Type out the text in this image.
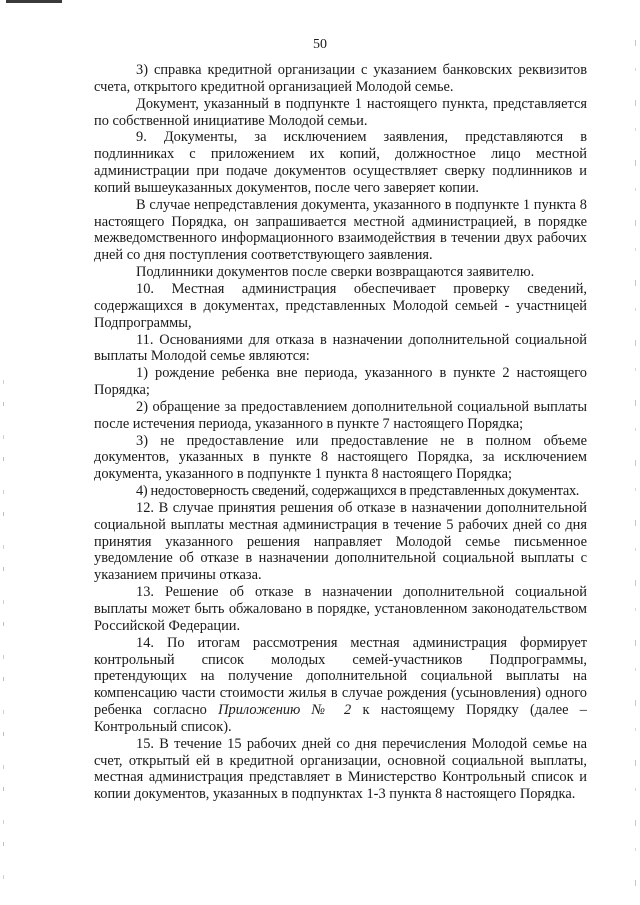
50

3) справка кредитной организации с указанием банковских реквизитов счета, открытого кредитной организацией Молодой семье.

Документ, указанный в подпункте 1 настоящего пункта, представляется по собственной инициативе Молодой семьи.

9. Документы, за исключением заявления, представляются в подлинниках с приложением их копий, должностное лицо местной администрации при подаче документов осуществляет сверку подлинников и копий вышеуказанных документов, после чего заверяет копии.

В случае непредставления документа, указанного в подпункте 1 пункта 8 настоящего Порядка, он запрашивается местной администрацией, в порядке межведомственного информационного взаимодействия в течении двух рабочих дней со дня поступления соответствующего заявления.

Подлинники документов после сверки возвращаются заявителю.

10. Местная администрация обеспечивает проверку сведений, содержащихся в документах, представленных Молодой семьей - участницей Подпрограммы,

11. Основаниями для отказа в назначении дополнительной социальной выплаты Молодой семье являются:

1) рождение ребенка вне периода, указанного в пункте 2 настоящего Порядка;

2) обращение за предоставлением дополнительной социальной выплаты после истечения периода, указанного в пункте 7 настоящего Порядка;

3) не предоставление или предоставление не в полном объеме документов, указанных в пункте 8 настоящего Порядка, за исключением документа, указанного в подпункте 1 пункта 8 настоящего Порядка;

4) недостоверность сведений, содержащихся в представленных документах.

12. В случае принятия решения об отказе в назначении дополнительной социальной выплаты местная администрация в течение 5 рабочих дней со дня принятия указанного решения направляет Молодой семье письменное уведомление об отказе в назначении дополнительной социальной выплаты с указанием причины отказа.

13. Решение об отказе в назначении дополнительной социальной выплаты может быть обжаловано в порядке, установленном законодательством Российской Федерации.

14. По итогам рассмотрения местная администрация формирует контрольный список молодых семей-участников Подпрограммы, претендующих на получение дополнительной социальной выплаты на компенсацию части стоимости жилья в случае рождения (усыновления) одного ребенка согласно Приложению № 2 к настоящему Порядку (далее – Контрольный список).

15. В течение 15 рабочих дней со дня перечисления Молодой семье на счет, открытый ей в кредитной организации, основной социальной выплаты, местная администрация представляет в Министерство Контрольный список и копии документов, указанных в подпунктах 1-3 пункта 8 настоящего Порядка.
